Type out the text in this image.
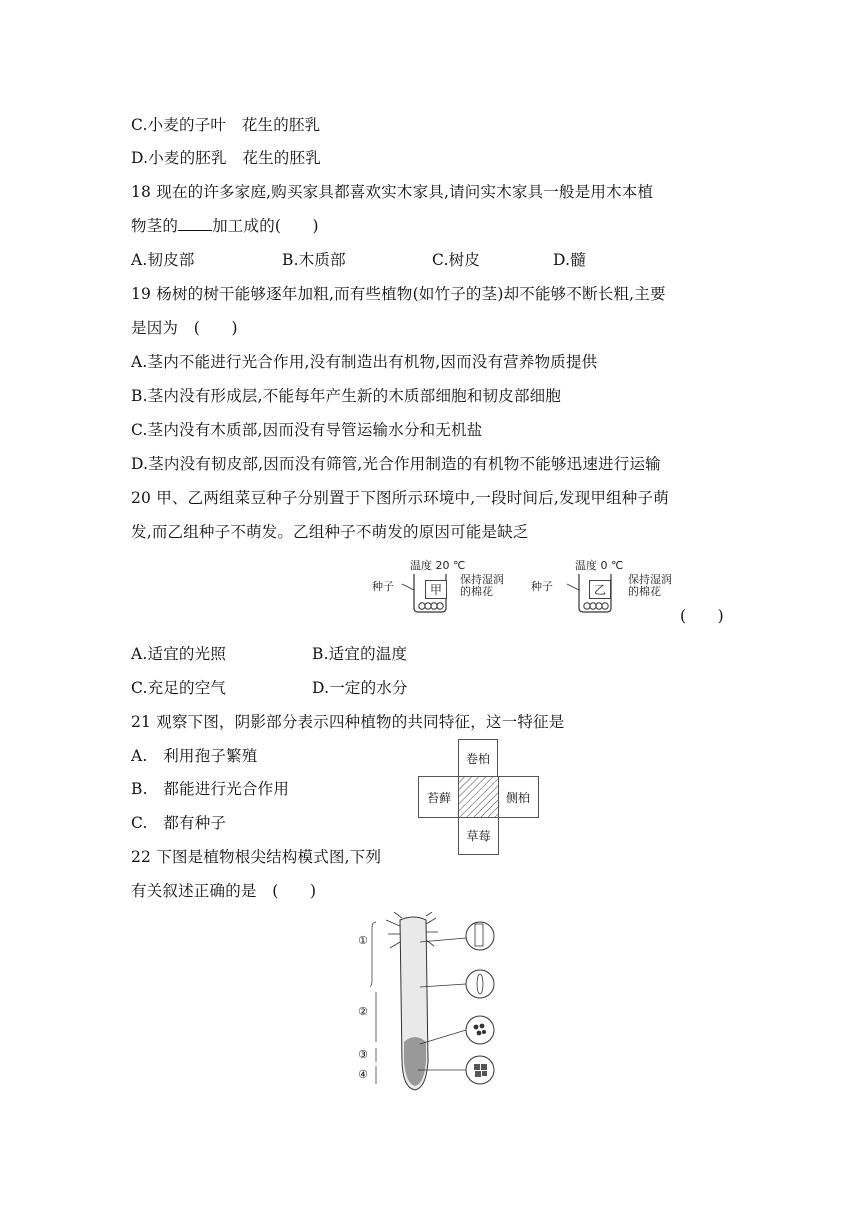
C.小麦的子叶　花生的胚乳
D.小麦的胚乳　花生的胚乳
18 现在的许多家庭,购买家具都喜欢实木家具,请问实木家具一般是用木本植
物茎的 加工成的(　　)
A.韧皮部	B.木质部	C.树皮	D.髓
19 杨树的树干能够逐年加粗,而有些植物(如竹子的茎)却不能够不断长粗,主要
是因为　(　　)
A.茎内不能进行光合作用,没有制造出有机物,因而没有营养物质提供
B.茎内没有形成层,不能每年产生新的木质部细胞和韧皮部细胞
C.茎内没有木质部,因而没有导管运输水分和无机盐
D.茎内没有韧皮部,因而没有筛管,光合作用制造的有机物不能够迅速进行运输
20 甲、乙两组菜豆种子分别置于下图所示环境中,一段时间后,发现甲组种子萌
发,而乙组种子不萌发。乙组种子不萌发的原因可能是缺乏
温度 20 ℃
种子
保持湿润
的棉花
甲
温度 0 ℃
种子
保持湿润
的棉花
乙
(　　)
A.适宜的光照	B.适宜的温度
C.充足的空气	D.一定的水分
21 观察下图，阴影部分表示四种植物的共同特征，这一特征是
A.　利用孢子繁殖
B.　都能进行光合作用
C.　都有种子
卷柏
苔藓	侧柏
草莓
22 下图是植物根尖结构模式图,下列
有关叙述正确的是　(　　)
①
②
③
④
